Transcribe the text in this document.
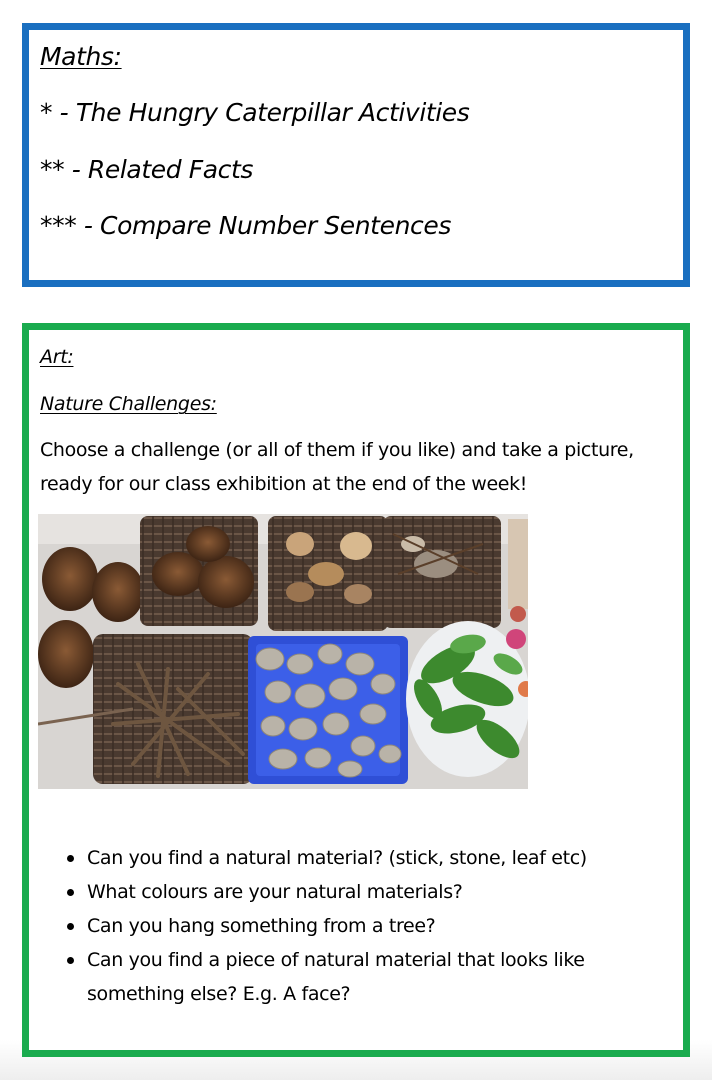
Maths:

* - The Hungry Caterpillar Activities

** - Related Facts

*** - Compare Number Sentences

Art:

Nature Challenges:

Choose a challenge (or all of them if you like) and take a picture, ready for our class exhibition at the end of the week!

Can you find a natural material? (stick, stone, leaf etc)
What colours are your natural materials?
Can you hang something from a tree?
Can you find a piece of natural material that looks like something else? E.g. A face?
